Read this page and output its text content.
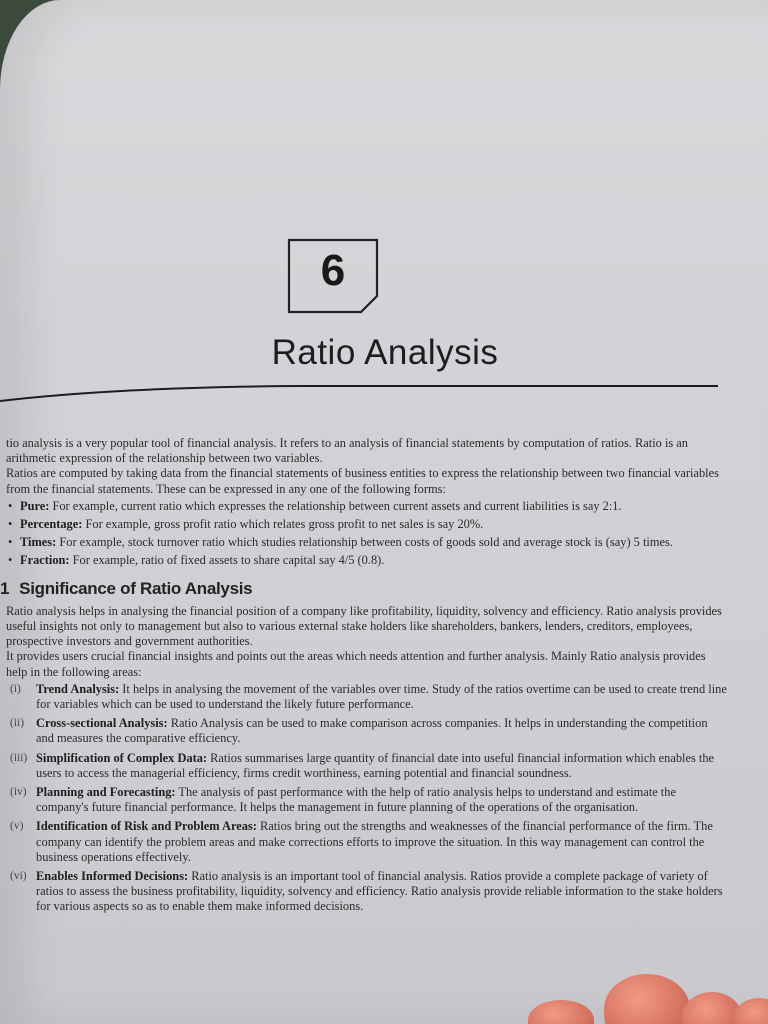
6
Ratio Analysis

tio analysis is a very popular tool of financial analysis. It refers to an analysis of financial statements by computation of ratios. Ratio is an arithmetic expression of the relationship between two variables.

Ratios are computed by taking data from the financial statements of business entities to express the relationship between two financial variables from the financial statements. These can be expressed in any one of the following forms:

• Pure: For example, current ratio which expresses the relationship between current assets and current liabilities is say 2:1.
• Percentage: For example, gross profit ratio which relates gross profit to net sales is say 20%.
• Times: For example, stock turnover ratio which studies relationship between costs of goods sold and average stock is (say) 5 times.
• Fraction: For example, ratio of fixed assets to share capital say 4/5 (0.8).
1 Significance of Ratio Analysis

Ratio analysis helps in analysing the financial position of a company like profitability, liquidity, solvency and efficiency. Ratio analysis provides useful insights not only to management but also to various external stake holders like shareholders, bankers, lenders, creditors, employees, prospective investors and government authorities.

It provides users crucial financial insights and points out the areas which needs attention and further analysis. Mainly Ratio analysis provides help in the following areas:

(i) Trend Analysis: It helps in analysing the movement of the variables over time. Study of the ratios overtime can be used to create trend line for variables which can be used to understand the likely future performance.
(ii) Cross-sectional Analysis: Ratio Analysis can be used to make comparison across companies. It helps in understanding the competition and measures the comparative efficiency.
(iii) Simplification of Complex Data: Ratios summarises large quantity of financial date into useful financial information which enables the users to access the managerial efficiency, firms credit worthiness, earning potential and financial soundness.
(iv) Planning and Forecasting: The analysis of past performance with the help of ratio analysis helps to understand and estimate the company's future financial performance. It helps the management in future planning of the operations of the organisation.
(v) Identification of Risk and Problem Areas: Ratios bring out the strengths and weaknesses of the financial performance of the firm. The company can identify the problem areas and make corrections efforts to improve the situation. In this way management can control the business operations effectively.
(vi) Enables Informed Decisions: Ratio analysis is an important tool of financial analysis. Ratios provide a complete package of variety of ratios to assess the business profitability, liquidity, solvency and efficiency. Ratio analysis provide reliable information to the stake holders for various aspects so as to enable them make informed decisions.
